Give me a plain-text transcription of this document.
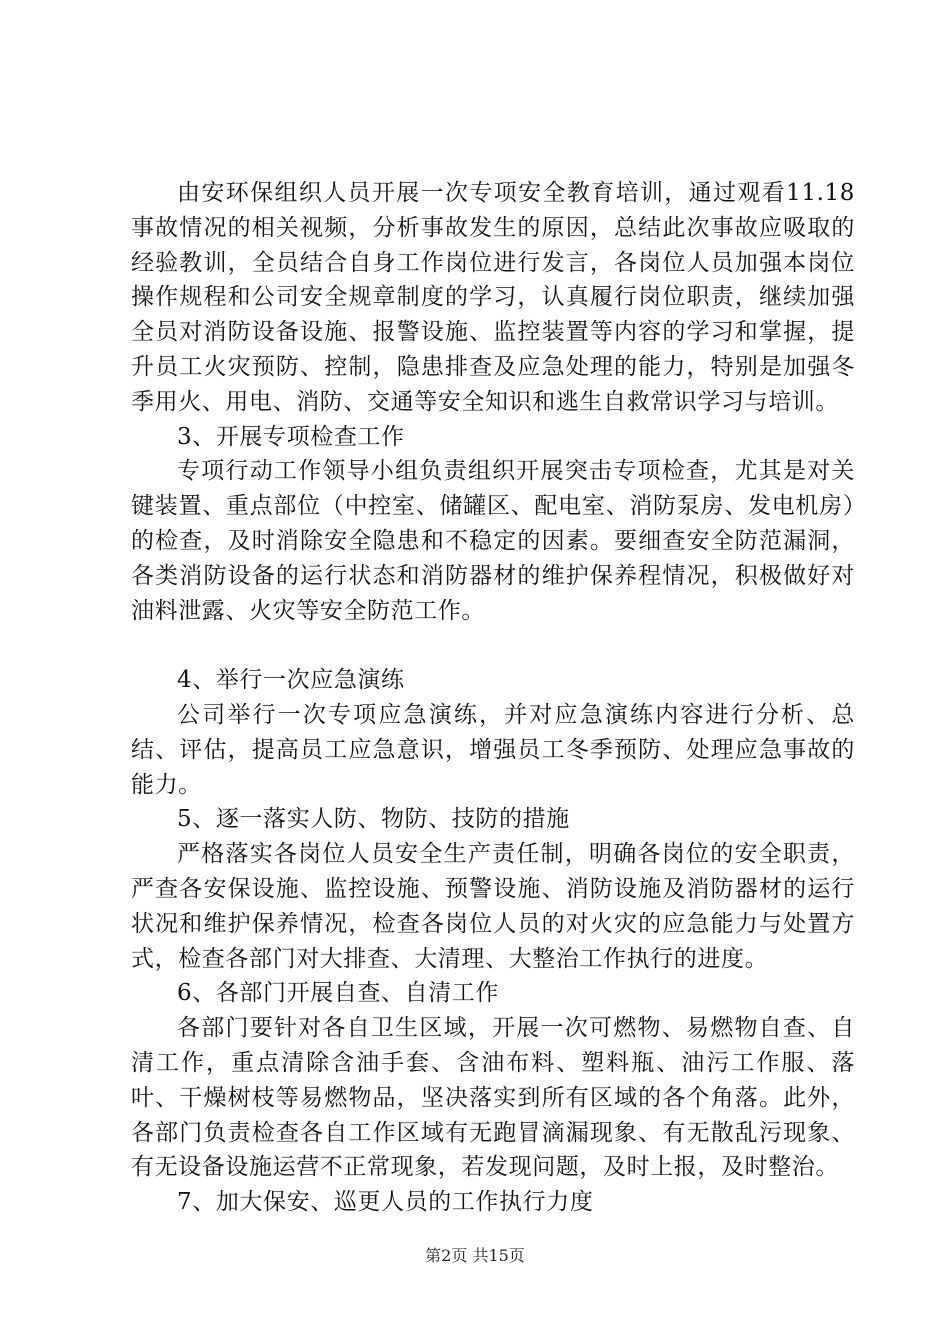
由安环保组织人员开展一次专项安全教育培训，通过观看11.18事故情况的相关视频，分析事故发生的原因，总结此次事故应吸取的经验教训，全员结合自身工作岗位进行发言，各岗位人员加强本岗位操作规程和公司安全规章制度的学习，认真履行岗位职责，继续加强全员对消防设备设施、报警设施、监控装置等内容的学习和掌握，提升员工火灾预防、控制，隐患排查及应急处理的能力，特别是加强冬季用火、用电、消防、交通等安全知识和逃生自救常识学习与培训。

3、开展专项检查工作

专项行动工作领导小组负责组织开展突击专项检查，尤其是对关键装置、重点部位（中控室、储罐区、配电室、消防泵房、发电机房）的检查，及时消除安全隐患和不稳定的因素。要细查安全防范漏洞，各类消防设备的运行状态和消防器材的维护保养程情况，积极做好对油料泄露、火灾等安全防范工作。

4、举行一次应急演练

公司举行一次专项应急演练，并对应急演练内容进行分析、总结、评估，提高员工应急意识，增强员工冬季预防、处理应急事故的能力。

5、逐一落实人防、物防、技防的措施

严格落实各岗位人员安全生产责任制，明确各岗位的安全职责，严查各安保设施、监控设施、预警设施、消防设施及消防器材的运行状况和维护保养情况，检查各岗位人员的对火灾的应急能力与处置方式，检查各部门对大排查、大清理、大整治工作执行的进度。

6、各部门开展自查、自清工作

各部门要针对各自卫生区域，开展一次可燃物、易燃物自查、自清工作，重点清除含油手套、含油布料、塑料瓶、油污工作服、落叶、干燥树枝等易燃物品，坚决落实到所有区域的各个角落。此外，各部门负责检查各自工作区域有无跑冒滴漏现象、有无散乱污现象、有无设备设施运营不正常现象，若发现问题，及时上报，及时整治。

7、加大保安、巡更人员的工作执行力度

第2页 共15页
